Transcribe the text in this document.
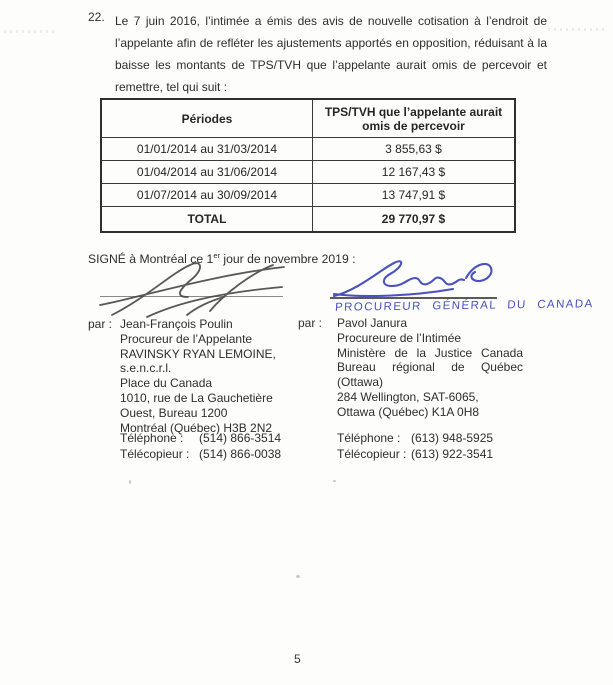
22. Le 7 juin 2016, l’intimée a émis des avis de nouvelle cotisation à l’endroit de
l’appelante afin de refléter les ajustements apportés en opposition, réduisant à la
baisse les montants de TPS/TVH que l’appelante aurait omis de percevoir et
remettre, tel qui suit :
Périodes	TPS/TVH que l’appelante aurait
omis de percevoir
01/01/2014 au 31/03/2014	3 855,63 $
01/04/2014 au 31/06/2014	12 167,43 $
01/07/2014 au 30/09/2014	13 747,91 $
TOTAL	29 770,97 $
SIGNÉ à Montréal ce 1er jour de novembre 2019 :
PROCUREUR GÉNÉRAL DU CANADA
par : Jean-François Poulin
Procureur de l’Appelante
RAVINSKY RYAN LEMOINE,
s.e.n.c.r.l.
Place du Canada
1010, rue de La Gauchetière
Ouest, Bureau 1200
Montréal (Québec) H3B 2N2
Téléphone :	(514) 866-3514
Télécopieur : (514) 866-0038
par : Pavol Janura
Procureure de l’Intimée
Ministère de la Justice Canada
Bureau régional de Québec
(Ottawa)
284 Wellington, SAT-6065,
Ottawa (Québec) K1A 0H8
Téléphone : (613) 948-5925
Télécopieur : (613) 922-3541
5
